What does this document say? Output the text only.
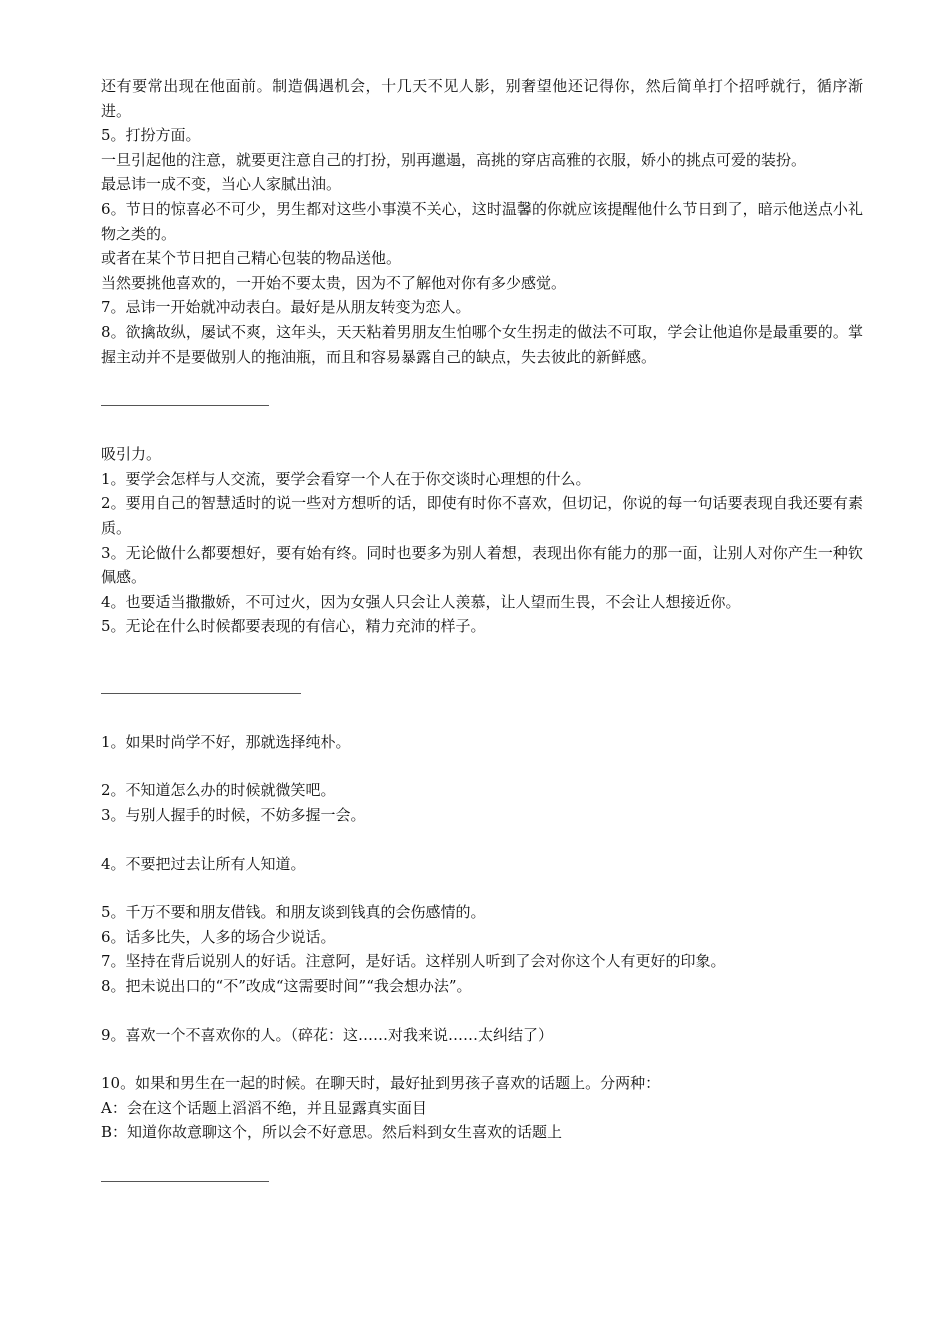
还有要常出现在他面前。制造偶遇机会，十几天不见人影，别奢望他还记得你，然后简单打个招呼就行，循序渐进。

5。打扮方面。

一旦引起他的注意，就要更注意自己的打扮，别再邋遢，高挑的穿店高雅的衣服，娇小的挑点可爱的装扮。

最忌讳一成不变，当心人家腻出油。

6。节日的惊喜必不可少，男生都对这些小事漠不关心，这时温馨的你就应该提醒他什么节日到了，暗示他送点小礼物之类的。

或者在某个节日把自己精心包装的物品送他。

当然要挑他喜欢的，一开始不要太贵，因为不了解他对你有多少感觉。

7。忌讳一开始就冲动表白。最好是从朋友转变为恋人。

8。欲擒故纵，屡试不爽，这年头，天天粘着男朋友生怕哪个女生拐走的做法不可取，学会让他追你是最重要的。掌握主动并不是要做别人的拖油瓶，而且和容易暴露自己的缺点，失去彼此的新鲜感。

吸引力。

1。要学会怎样与人交流，要学会看穿一个人在于你交谈时心理想的什么。

2。要用自己的智慧适时的说一些对方想听的话，即使有时你不喜欢，但切记，你说的每一句话要表现自我还要有素质。

3。无论做什么都要想好，要有始有终。同时也要多为别人着想，表现出你有能力的那一面，让别人对你产生一种钦佩感。

4。也要适当撒撒娇，不可过火，因为女强人只会让人羡慕，让人望而生畏，不会让人想接近你。

5。无论在什么时候都要表现的有信心，精力充沛的样子。

1。如果时尚学不好，那就选择纯朴。

2。不知道怎么办的时候就微笑吧。

3。与别人握手的时候，不妨多握一会。

4。不要把过去让所有人知道。

5。千万不要和朋友借钱。和朋友谈到钱真的会伤感情的。

6。话多比失，人多的场合少说话。

7。坚持在背后说别人的好话。注意阿，是好话。这样别人听到了会对你这个人有更好的印象。

8。把未说出口的“不”改成“这需要时间”“我会想办法”。

9。喜欢一个不喜欢你的人。（碎花：这……对我来说……太纠结了）

10。如果和男生在一起的时候。在聊天时，最好扯到男孩子喜欢的话题上。分两种：

A：会在这个话题上滔滔不绝，并且显露真实面目

B：知道你故意聊这个，所以会不好意思。然后料到女生喜欢的话题上
